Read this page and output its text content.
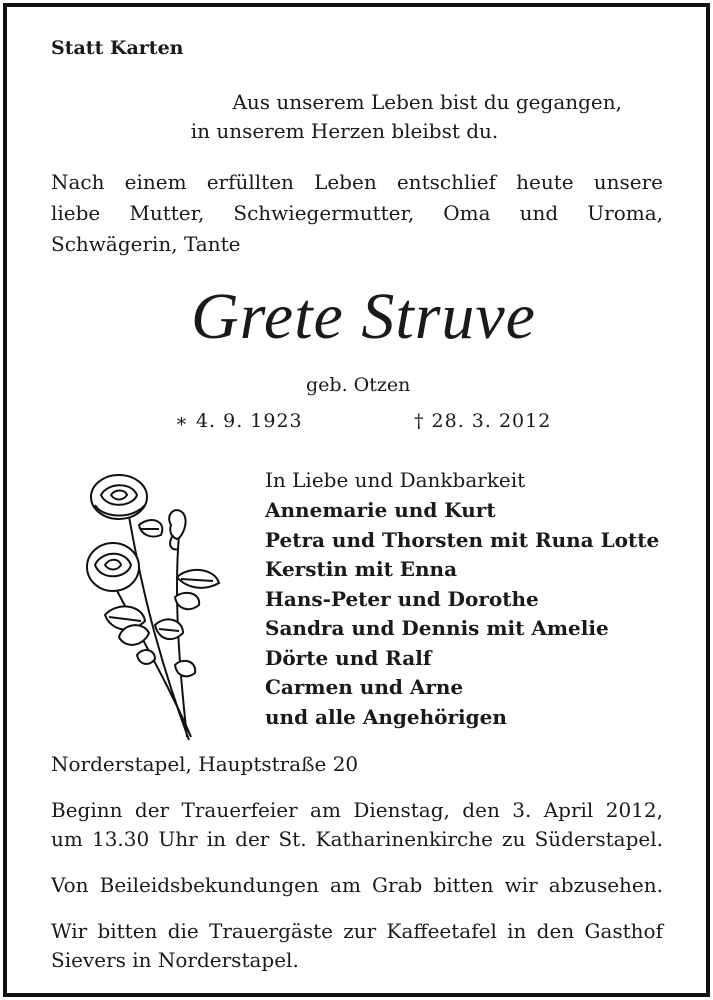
Statt Karten
Aus unserem Leben bist du gegangen,
in unserem Herzen bleibst du.
Nach einem erfüllten Leben entschlief heute unsere
liebe Mutter, Schwiegermutter, Oma und Uroma,
Schwägerin, Tante
Grete Struve
geb. Otzen
∗ 4. 9. 1923	† 28. 3. 2012
In Liebe und Dankbarkeit
Annemarie und Kurt
Petra und Thorsten mit Runa Lotte
Kerstin mit Enna
Hans-Peter und Dorothe
Sandra und Dennis mit Amelie
Dörte und Ralf
Carmen und Arne
und alle Angehörigen
Norderstapel, Hauptstraße 20
Beginn der Trauerfeier am Dienstag, den 3. April 2012,
um 13.30 Uhr in der St. Katharinenkirche zu Süderstapel.
Von Beileidsbekundungen am Grab bitten wir abzusehen.
Wir bitten die Trauergäste zur Kaffeetafel in den Gasthof
Sievers in Norderstapel.
